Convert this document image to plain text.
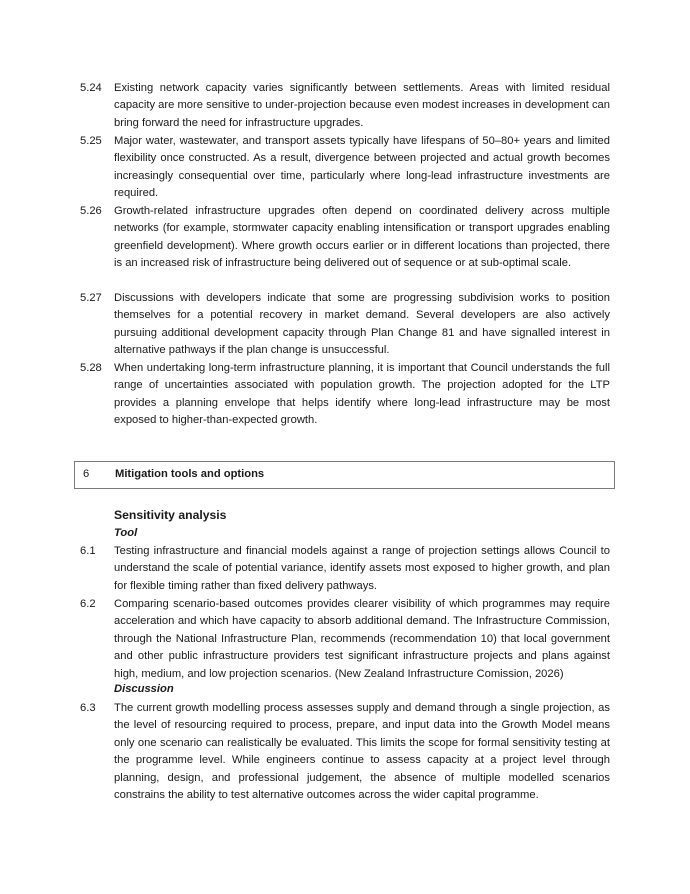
5.24	Existing network capacity varies significantly between settlements. Areas with limited residual capacity are more sensitive to under-projection because even modest increases in development can bring forward the need for infrastructure upgrades.
5.25	Major water, wastewater, and transport assets typically have lifespans of 50–80+ years and limited flexibility once constructed. As a result, divergence between projected and actual growth becomes increasingly consequential over time, particularly where long-lead infrastructure investments are required.
5.26	Growth-related infrastructure upgrades often depend on coordinated delivery across multiple networks (for example, stormwater capacity enabling intensification or transport upgrades enabling greenfield development). Where growth occurs earlier or in different locations than projected, there is an increased risk of infrastructure being delivered out of sequence or at sub-optimal scale.
5.27	Discussions with developers indicate that some are progressing subdivision works to position themselves for a potential recovery in market demand. Several developers are also actively pursuing additional development capacity through Plan Change 81 and have signalled interest in alternative pathways if the plan change is unsuccessful.
5.28	When undertaking long-term infrastructure planning, it is important that Council understands the full range of uncertainties associated with population growth. The projection adopted for the LTP provides a planning envelope that helps identify where long-lead infrastructure may be most exposed to higher-than-expected growth.
6 Mitigation tools and options
Sensitivity analysis
Tool
6.1	Testing infrastructure and financial models against a range of projection settings allows Council to understand the scale of potential variance, identify assets most exposed to higher growth, and plan for flexible timing rather than fixed delivery pathways.
6.2	Comparing scenario-based outcomes provides clearer visibility of which programmes may require acceleration and which have capacity to absorb additional demand. The Infrastructure Commission, through the National Infrastructure Plan, recommends (recommendation 10) that local government and other public infrastructure providers test significant infrastructure projects and plans against high, medium, and low projection scenarios. (New Zealand Infrastructure Comission, 2026)
Discussion
6.3	The current growth modelling process assesses supply and demand through a single projection, as the level of resourcing required to process, prepare, and input data into the Growth Model means only one scenario can realistically be evaluated. This limits the scope for formal sensitivity testing at the programme level. While engineers continue to assess capacity at a project level through planning, design, and professional judgement, the absence of multiple modelled scenarios constrains the ability to test alternative outcomes across the wider capital programme.
